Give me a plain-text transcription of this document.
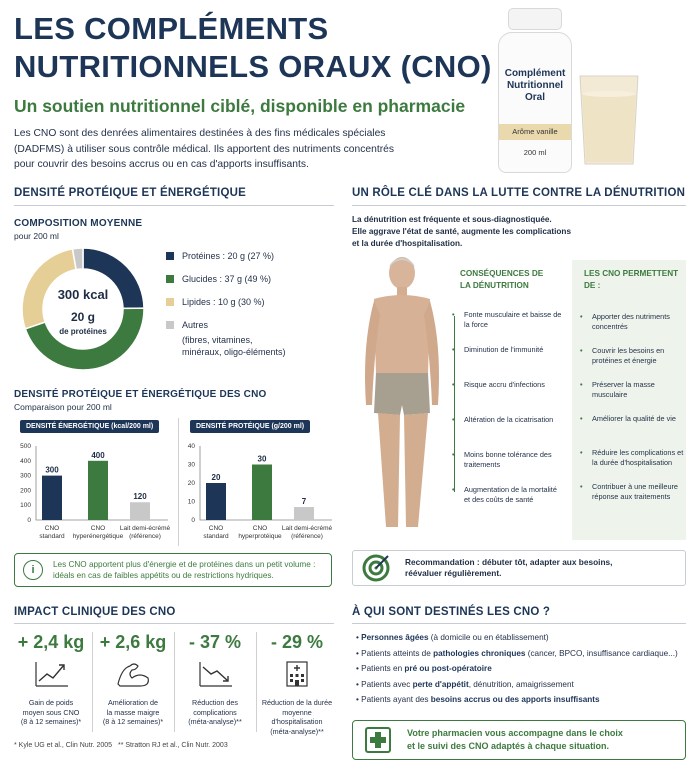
LES COMPLÉMENTS
NUTRITIONNELS ORAUX (CNO)
Un soutien nutritionnel ciblé, disponible en pharmacie
Les CNO sont des denrées alimentaires destinées à des fins médicales spéciales (DADFMS) à utiliser sous contrôle médical. Ils apportent des nutriments concentrés pour couvrir des besoins accrus ou en cas d'apports insuffisants.
Complément
Nutritionnel
Oral
Arôme vanille
200 ml
DENSITÉ PROTÉIQUE ET ÉNERGÉTIQUE
COMPOSITION MOYENNE
pour 200 ml
300 kcal
20 g
de protéines
Protéines : 20 g (27 %)
Glucides : 37 g (49 %)
Lipides : 10 g (30 %)
Autres
(fibres, vitamines,
minéraux, oligo-éléments)
DENSITÉ PROTÉIQUE ET ÉNERGÉTIQUE DES CNO
Comparaison pour 200 ml
DENSITÉ ÉNERGÉTIQUE (kcal/200 ml)
0
100
200
300
400
500
300
400
120
CNO
standard
CNO
hyperénergétique
Lait demi-écrémé
(référence)
DENSITÉ PROTÉIQUE (g/200 ml)
0
10
20
30
40
20
30
7
CNO
standard
CNO
hyperprotéique
Lait demi-écrémé
(référence)
i	Les CNO apportent plus d'énergie et de protéines dans un petit volume : idéals en cas de faibles appétits ou de restrictions hydriques.
UN RÔLE CLÉ DANS LA LUTTE CONTRE LA DÉNUTRITION
La dénutrition est fréquente et sous-diagnostiquée.
Elle aggrave l'état de santé, augmente les complications
et la durée d'hospitalisation.
CONSÉQUENCES DE
LA DÉNUTRITION
•	Fonte musculaire et baisse de la force
•	Diminution de l'immunité
•	Risque accru d'infections
•	Altération de la cicatrisation
•	Moins bonne tolérance des traitements
•	Augmentation de la mortalité et des coûts de santé
LES CNO PERMETTENT
DE :
•	Apporter des nutriments concentrés
•	Couvrir les besoins en protéines et énergie
•	Préserver la masse musculaire
•	Améliorer la qualité de vie
•	Réduire les complications et la durée d'hospitalisation
•	Contribuer à une meilleure réponse aux traitements
Recommandation : débuter tôt, adapter aux besoins,
réévaluer régulièrement.
IMPACT CLINIQUE DES CNO
+ 2,4 kg
Gain de poids
moyen sous CNO
(8 à 12 semaines)*
+ 2,6 kg
Amélioration de
la masse maigre
(8 à 12 semaines)*
- 37 %
Réduction des
complications
(méta-analyse)**
- 29 %
Réduction de la durée
moyenne d'hospitalisation
(méta-analyse)**
* Kyle UG et al., Clin Nutr. 2005 ** Stratton RJ et al., Clin Nutr. 2003
À QUI SONT DESTINÉS LES CNO ?
• Personnes âgées (à domicile ou en établissement)
• Patients atteints de pathologies chroniques (cancer, BPCO, insuffisance cardiaque...)
• Patients en pré ou post-opératoire
• Patients avec perte d'appétit, dénutrition, amaigrissement
• Patients ayant des besoins accrus ou des apports insuffisants
Votre pharmacien vous accompagne dans le choix
et le suivi des CNO adaptés à chaque situation.
